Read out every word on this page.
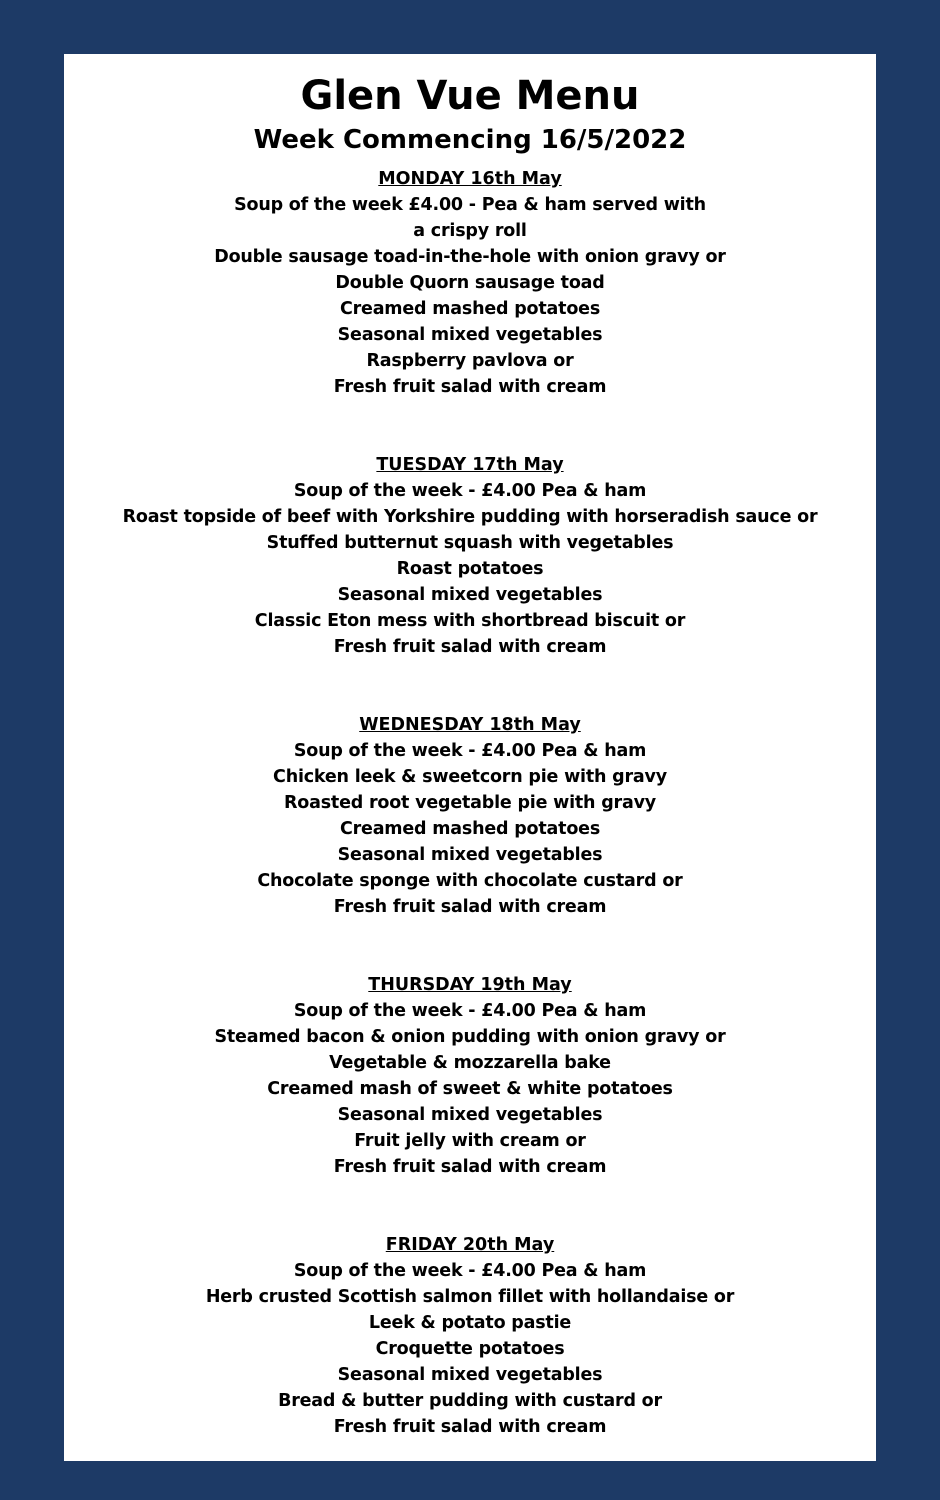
Glen Vue Menu
Week Commencing 16/5/2022
MONDAY 16th May
Soup of the week £4.00 - Pea & ham served with
a crispy roll
Double sausage toad-in-the-hole with onion gravy or
Double Quorn sausage toad
Creamed mashed potatoes
Seasonal mixed vegetables
Raspberry pavlova or
Fresh fruit salad with cream
TUESDAY 17th May
Soup of the week - £4.00 Pea & ham
Roast topside of beef with Yorkshire pudding with horseradish sauce or
Stuffed butternut squash with vegetables
Roast potatoes
Seasonal mixed vegetables
Classic Eton mess with shortbread biscuit or
Fresh fruit salad with cream
WEDNESDAY 18th May
Soup of the week - £4.00 Pea & ham
Chicken leek & sweetcorn pie with gravy
Roasted root vegetable pie with gravy
Creamed mashed potatoes
Seasonal mixed vegetables
Chocolate sponge with chocolate custard or
Fresh fruit salad with cream
THURSDAY 19th May
Soup of the week - £4.00 Pea & ham
Steamed bacon & onion pudding with onion gravy or
Vegetable & mozzarella bake
Creamed mash of sweet & white potatoes
Seasonal mixed vegetables
Fruit jelly with cream or
Fresh fruit salad with cream
FRIDAY 20th May
Soup of the week - £4.00 Pea & ham
Herb crusted Scottish salmon fillet with hollandaise or
Leek & potato pastie
Croquette potatoes
Seasonal mixed vegetables
Bread & butter pudding with custard or
Fresh fruit salad with cream
